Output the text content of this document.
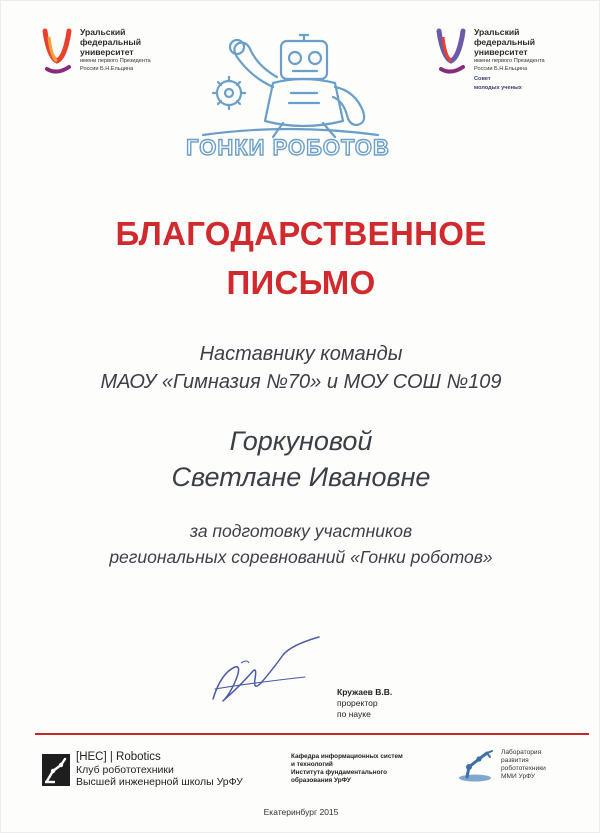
Уральский
федеральный
университет
имени первого Президента
России Б.Н.Ельцина
Уральский
федеральный
университет
имени первого Президента
России Б.Н.Ельцина
Совет
молодых ученых
ГОНКИ РОБОТОВ
БЛАГОДАРСТВЕННОЕ
ПИСЬМО
Наставнику команды
МАОУ «Гимназия №70» и МОУ СОШ №109
Горкуновой
Светлане Ивановне
за подготовку участников
региональных соревнований «Гонки роботов»
Кружаев В.В.
проректор
по науке
[HEC] | Robotics
Клуб робототехники
Высшей инженерной школы УрФУ
Кафедра информационных систем
и технологий
Института фундаментального
образования УрФУ
Лаборатория
развития
робототехники
ММИ УрФУ
Екатеринбург 2015
